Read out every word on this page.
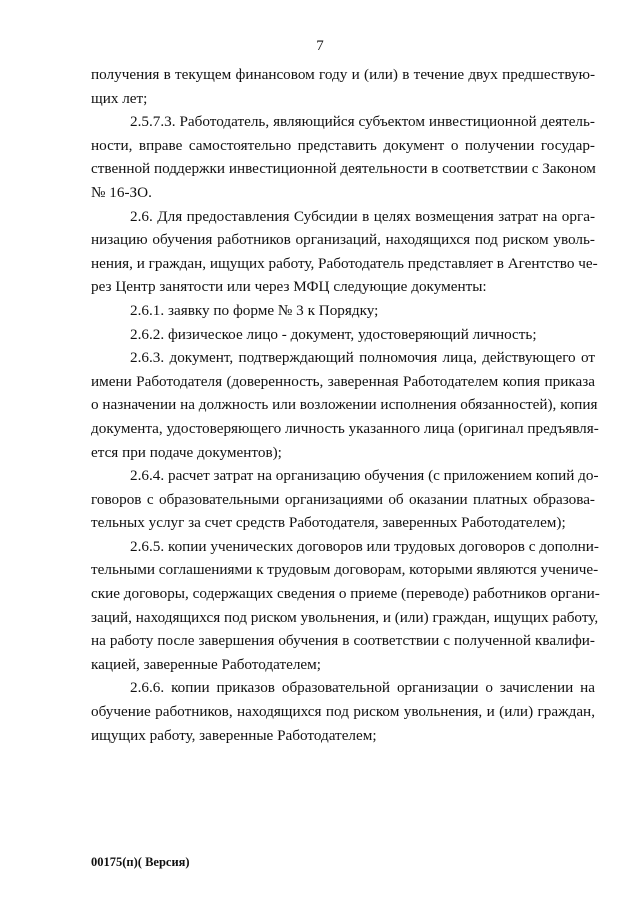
7
получения в текущем финансовом году и (или) в течение двух предшествую-
щих лет;
2.5.7.3. Работодатель, являющийся субъектом инвестиционной деятель-
ности, вправе самостоятельно представить документ о получении государ-
ственной поддержки инвестиционной деятельности в соответствии с Законом
№ 16-ЗО.
2.6. Для предоставления Субсидии в целях возмещения затрат на орга-
низацию обучения работников организаций, находящихся под риском уволь-
нения, и граждан, ищущих работу, Работодатель представляет в Агентство че-
рез Центр занятости или через МФЦ следующие документы:
2.6.1. заявку по форме № 3 к Порядку;
2.6.2. физическое лицо - документ, удостоверяющий личность;
2.6.3. документ, подтверждающий полномочия лица, действующего от
имени Работодателя (доверенность, заверенная Работодателем копия приказа
о назначении на должность или возложении исполнения обязанностей), копия
документа, удостоверяющего личность указанного лица (оригинал предъявля-
ется при подаче документов);
2.6.4. расчет затрат на организацию обучения (с приложением копий до-
говоров с образовательными организациями об оказании платных образова-
тельных услуг за счет средств Работодателя, заверенных Работодателем);
2.6.5. копии ученических договоров или трудовых договоров с дополни-
тельными соглашениями к трудовым договорам, которыми являются учениче-
ские договоры, содержащих сведения о приеме (переводе) работников органи-
заций, находящихся под риском увольнения, и (или) граждан, ищущих работу,
на работу после завершения обучения в соответствии с полученной квалифи-
кацией, заверенные Работодателем;
2.6.6. копии приказов образовательной организации о зачислении на
обучение работников, находящихся под риском увольнения, и (или) граждан,
ищущих работу, заверенные Работодателем;
00175(п)( Версия)
